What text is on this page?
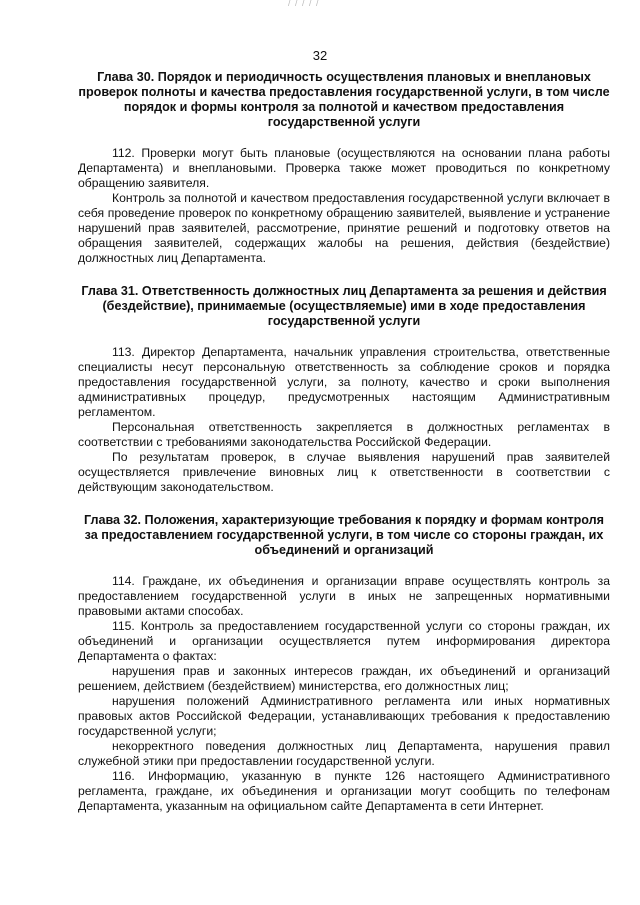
/ / / / /
32

Глава 30. Порядок и периодичность осуществления плановых и внеплановых проверок полноты и качества предоставления государственной услуги, в том числе порядок и формы контроля за полнотой и качеством предоставления государственной услуги

112. Проверки могут быть плановые (осуществляются на основании плана работы Департамента) и внеплановыми. Проверка также может проводиться по конкретному обращению заявителя.

Контроль за полнотой и качеством предоставления государственной услуги включает в себя проведение проверок по конкретному обращению заявителей, выявление и устранение нарушений прав заявителей, рассмотрение, принятие решений и подготовку ответов на обращения заявителей, содержащих жалобы на решения, действия (бездействие) должностных лиц Департамента.

Глава 31. Ответственность должностных лиц Департамента за решения и действия (бездействие), принимаемые (осуществляемые) ими в ходе предоставления государственной услуги

113. Директор Департамента, начальник управления строительства, ответственные специалисты несут персональную ответственность за соблюдение сроков и порядка предоставления государственной услуги, за полноту, качество и сроки выполнения административных процедур, предусмотренных настоящим Административным регламентом.

Персональная ответственность закрепляется в должностных регламентах в соответствии с требованиями законодательства Российской Федерации.

По результатам проверок, в случае выявления нарушений прав заявителей осуществляется привлечение виновных лиц к ответственности в соответствии с действующим законодательством.

Глава 32. Положения, характеризующие требования к порядку и формам контроля за предоставлением государственной услуги, в том числе со стороны граждан, их объединений и организаций

114. Граждане, их объединения и организации вправе осуществлять контроль за предоставлением государственной услуги в иных не запрещенных нормативными правовыми актами способах.

115. Контроль за предоставлением государственной услуги со стороны граждан, их объединений и организации осуществляется путем информирования директора Департамента о фактах:

нарушения прав и законных интересов граждан, их объединений и организаций решением, действием (бездействием) министерства, его должностных лиц;

нарушения положений Административного регламента или иных нормативных правовых актов Российской Федерации, устанавливающих требования к предоставлению государственной услуги;

некорректного поведения должностных лиц Департамента, нарушения правил служебной этики при предоставлении государственной услуги.

116. Информацию, указанную в пункте 126 настоящего Административного регламента, граждане, их объединения и организации могут сообщить по телефонам Департамента, указанным на официальном сайте Департамента в сети Интернет.
